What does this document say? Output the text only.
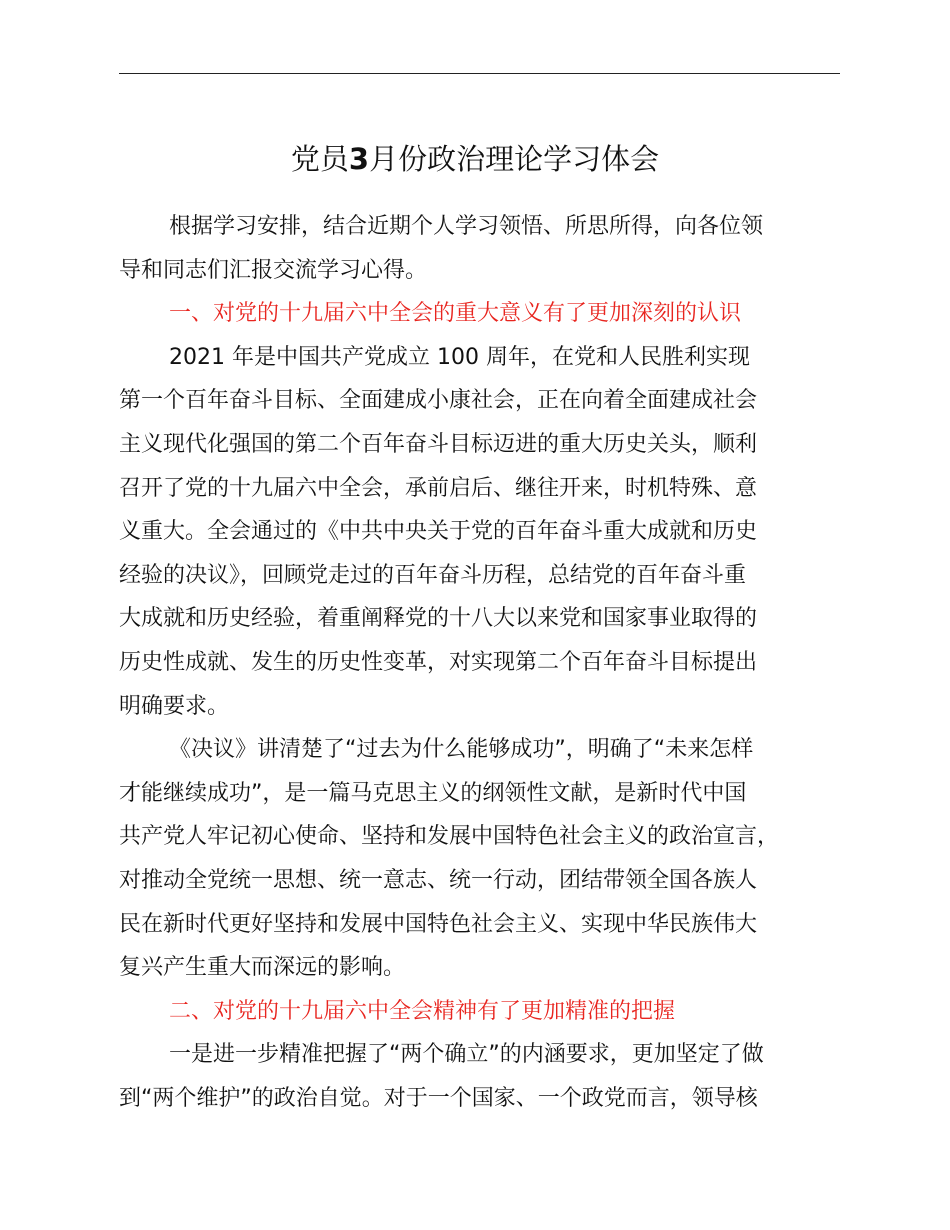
党员3月份政治理论学习体会
根据学习安排，结合近期个人学习领悟、所思所得，向各位领
导和同志们汇报交流学习心得。
一、对党的十九届六中全会的重大意义有了更加深刻的认识
2021 年是中国共产党成立 100 周年，在党和人民胜利实现
第一个百年奋斗目标、全面建成小康社会，正在向着全面建成社会
主义现代化强国的第二个百年奋斗目标迈进的重大历史关头，顺利
召开了党的十九届六中全会，承前启后、继往开来，时机特殊、意
义重大。全会通过的《中共中央关于党的百年奋斗重大成就和历史
经验的决议》，回顾党走过的百年奋斗历程，总结党的百年奋斗重
大成就和历史经验，着重阐释党的十八大以来党和国家事业取得的
历史性成就、发生的历史性变革，对实现第二个百年奋斗目标提出
明确要求。
《决议》讲清楚了“过去为什么能够成功”，明确了“未来怎样
才能继续成功”，是一篇马克思主义的纲领性文献，是新时代中国
共产党人牢记初心使命、坚持和发展中国特色社会主义的政治宣言，
对推动全党统一思想、统一意志、统一行动，团结带领全国各族人
民在新时代更好坚持和发展中国特色社会主义、实现中华民族伟大
复兴产生重大而深远的影响。
二、对党的十九届六中全会精神有了更加精准的把握
一是进一步精准把握了“两个确立”的内涵要求，更加坚定了做
到“两个维护”的政治自觉。对于一个国家、一个政党而言，领导核
